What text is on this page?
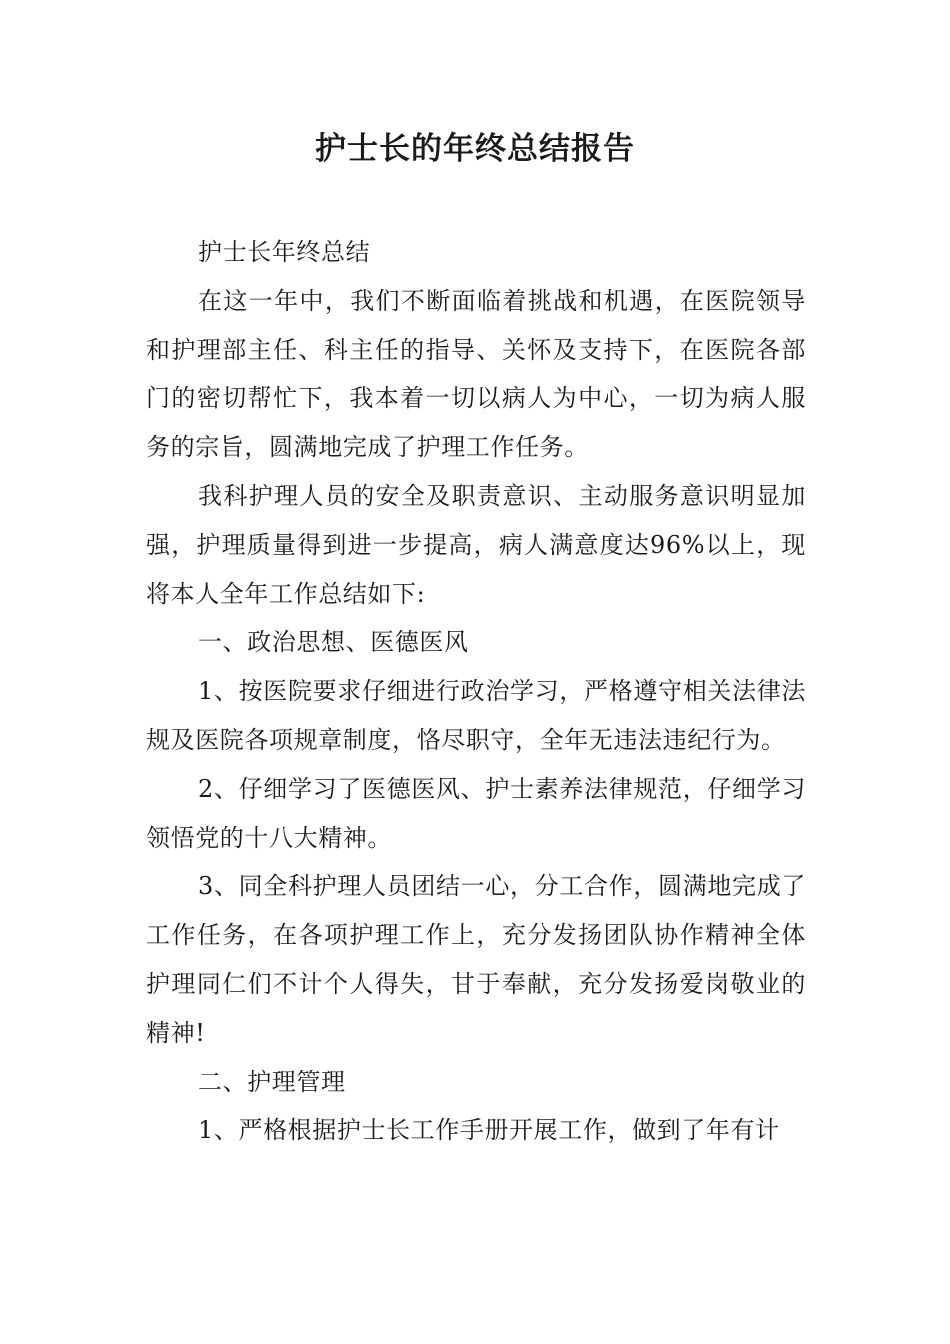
护士长的年终总结报告

护士长年终总结

在这一年中，我们不断面临着挑战和机遇，在医院领导和护理部主任、科主任的指导、关怀及支持下，在医院各部门的密切帮忙下，我本着一切以病人为中心，一切为病人服务的宗旨，圆满地完成了护理工作任务。

我科护理人员的安全及职责意识、主动服务意识明显加强，护理质量得到进一步提高，病人满意度达96%以上，现将本人全年工作总结如下:

一、政治思想、医德医风

1、按医院要求仔细进行政治学习，严格遵守相关法律法规及医院各项规章制度，恪尽职守，全年无违法违纪行为。

2、仔细学习了医德医风、护士素养法律规范，仔细学习领悟党的十八大精神。

3、同全科护理人员团结一心，分工合作，圆满地完成了工作任务，在各项护理工作上，充分发扬团队协作精神全体护理同仁们不计个人得失，甘于奉献，充分发扬爱岗敬业的精神!

二、护理管理

1、严格根据护士长工作手册开展工作，做到了年有计
